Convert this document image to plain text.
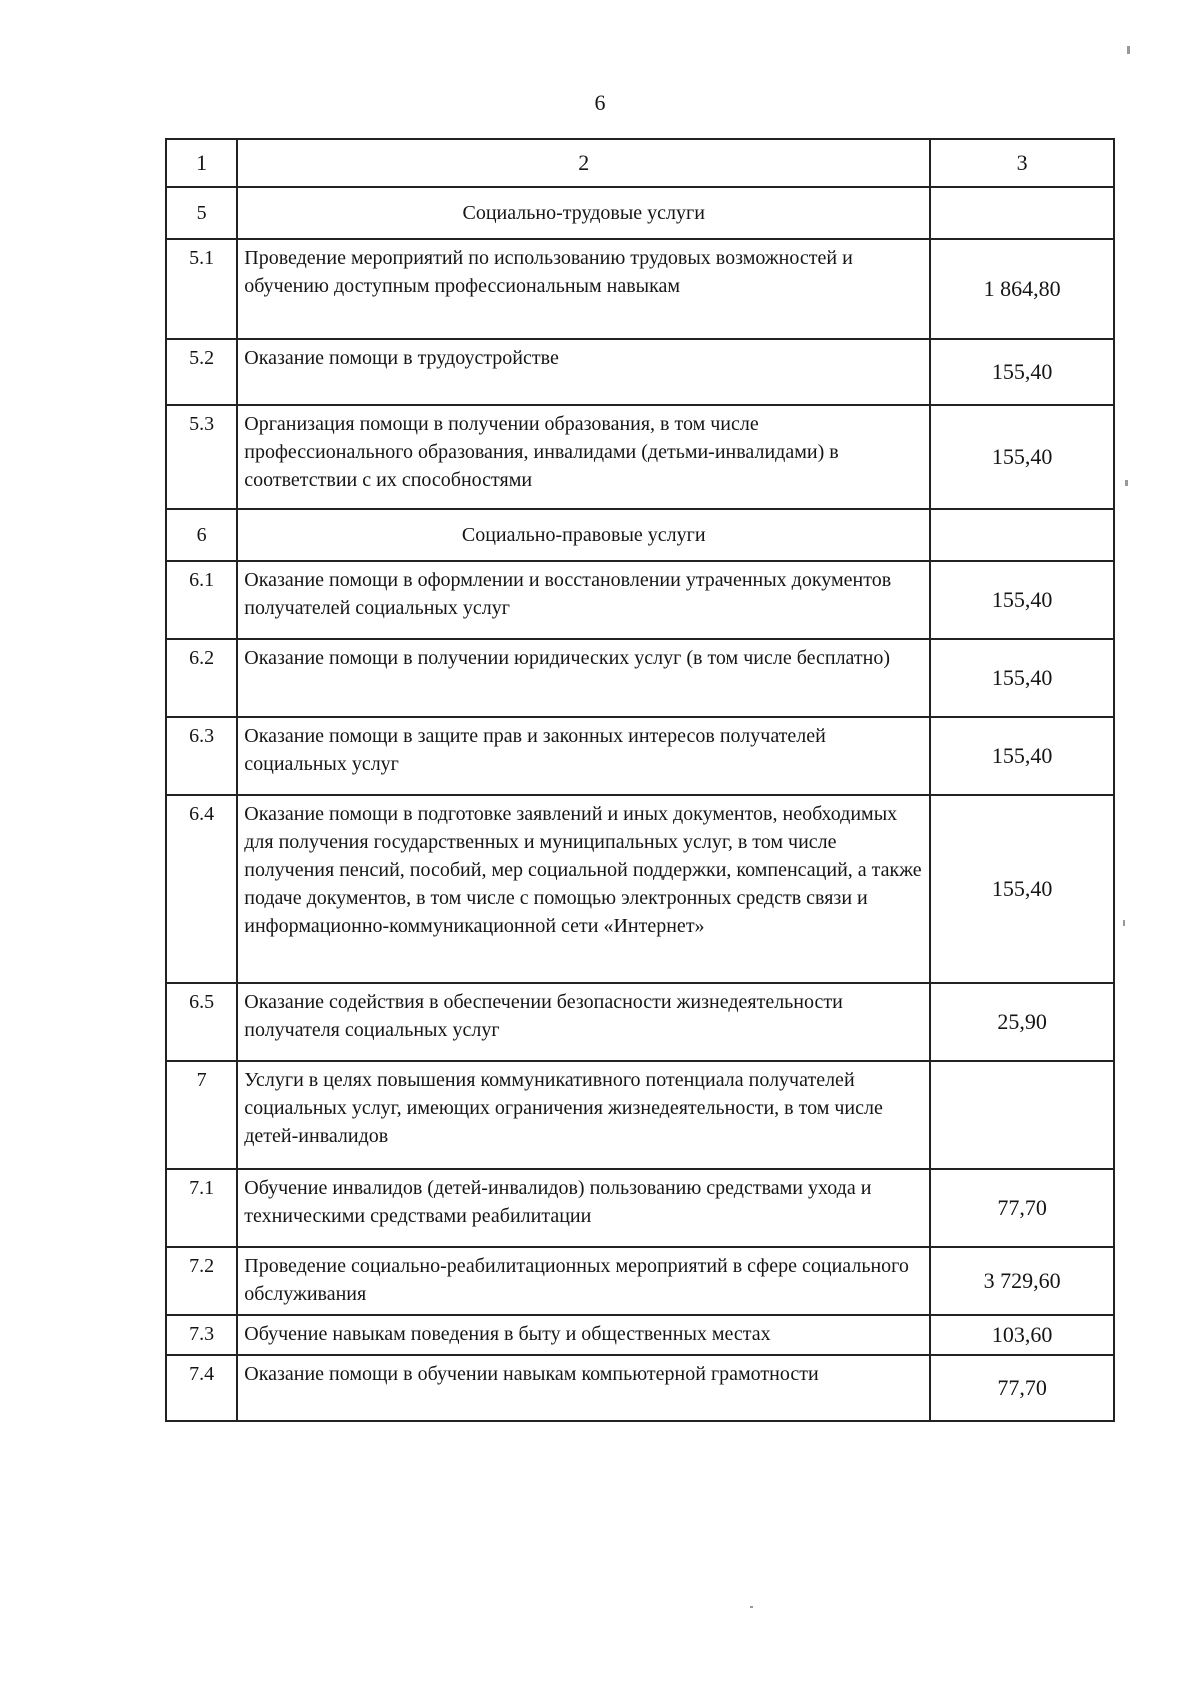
6
1	2	3
5	Социально-трудовые услуги	
5.1	Проведение мероприятий по использованию трудовых возможностей и обучению доступным профессиональным навыкам	1 864,80
5.2	Оказание помощи в трудоустройстве	155,40
5.3	Организация помощи в получении образования, в том числе профессионального образования, инвалидами (детьми-инвалидами) в соответствии с их способностями	155,40
6	Социально-правовые услуги	
6.1	Оказание помощи в оформлении и восстановлении утраченных документов получателей социальных услуг	155,40
6.2	Оказание помощи в получении юридических услуг (в том числе бесплатно)	155,40
6.3	Оказание помощи в защите прав и законных интересов получателей социальных услуг	155,40
6.4	Оказание помощи в подготовке заявлений и иных документов, необходимых для получения государственных и муниципальных услуг, в том числе получения пенсий, пособий, мер социальной поддержки, компенсаций, а также подаче документов, в том числе с помощью электронных средств связи и информационно-коммуникационной сети «Интернет»	155,40
6.5	Оказание содействия в обеспечении безопасности жизнедеятельности получателя социальных услуг	25,90
7	Услуги в целях повышения коммуникативного потенциала получателей социальных услуг, имеющих ограничения жизнедеятельности, в том числе детей-инвалидов	
7.1	Обучение инвалидов (детей-инвалидов) пользованию средствами ухода и техническими средствами реабилитации	77,70
7.2	Проведение социально-реабилитационных мероприятий в сфере социального обслуживания	3 729,60
7.3	Обучение навыкам поведения в быту и общественных местах	103,60
7.4	Оказание помощи в обучении навыкам компьютерной грамотности	77,70
